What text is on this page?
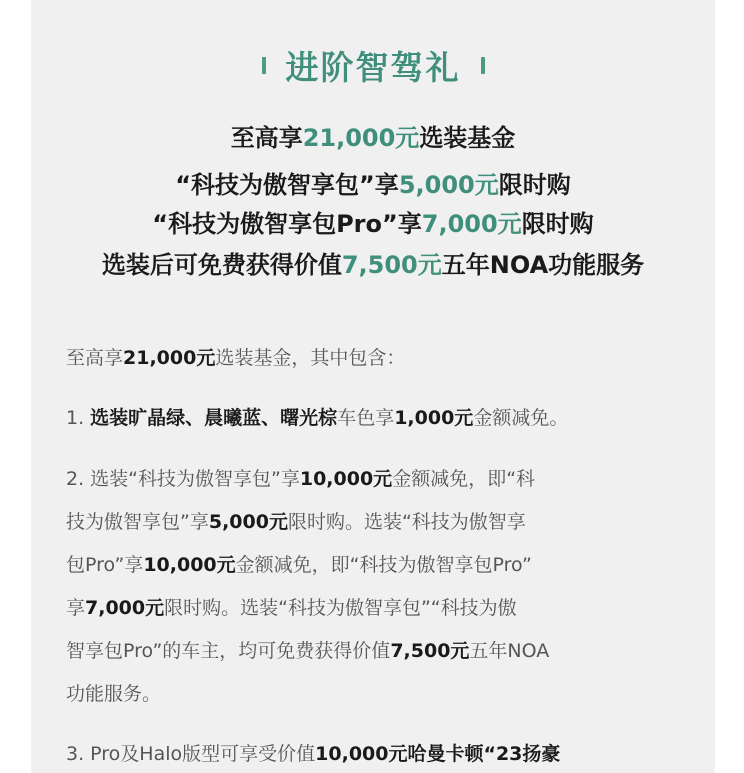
进阶智驾礼
至高享21,000元选装基金
“科技为傲智享包”享5,000元限时购
“科技为傲智享包Pro”享7,000元限时购
选装后可免费获得价值7,500元五年NOA功能服务
至高享21,000元选装基金，其中包含：
1. 选装旷晶绿、晨曦蓝、曙光棕车色享1,000元金额减免。
2. 选装“科技为傲智享包”享10,000元金额减免，即“科
技为傲智享包”享5,000元限时购。选装“科技为傲智享
包Pro”享10,000元金额减免，即“科技为傲智享包Pro”
享7,000元限时购。选装“科技为傲智享包”“科技为傲
智享包Pro”的车主，均可免费获得价值7,500元五年NOA
功能服务。
3. Pro及Halo版型可享受价值10,000元哈曼卡顿“23扬豪
